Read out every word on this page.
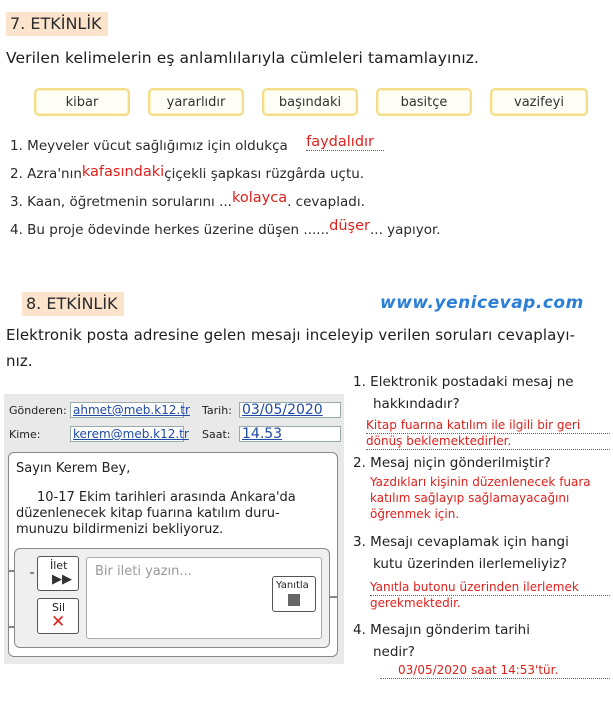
7. ETKİNLİK
Verilen kelimelerin eş anlamlılarıyla cümleleri tamamlayınız.
kibar	yararlıdır	başındaki	basitçe	vazifeyi
1. Meyveler vücut sağlığımız için oldukça faydalıdır
2. Azra'nınkafasındakiçiçekli şapkası rüzgârda uçtu.
3. Kaan, öğretmenin sorularını ...kolayca. cevapladı.
4. Bu proje ödevinde herkes üzerine düşen ......düşer... yapıyor.
8. ETKİNLİK	www.yenicevap.com
Elektronik posta adresine gelen mesajı inceleyip verilen soruları cevaplayı-
nız.
Gönderen: ahmet@meb.k12.tr
Kime:	kerem@meb.k12.tr
Tarih: 03/05/2020
Saat: 14.53
Sayın Kerem Bey,
10-17 Ekim tarihleri arasında Ankara'da
düzenlenecek kitap fuarına katılım duru-
munuzu bildirmenizi bekliyoruz.
İlet
▶▶
Sil
✕
Bir ileti yazın...
Yanıtla
1. Elektronik postadaki mesaj ne
hakkındadır?
Kitap fuarına katılım ile ilgili bir geri
dönüş beklemektedirler.
2. Mesaj niçin gönderilmiştir?
Yazdıkları kişinin düzenlenecek fuara
katılım sağlayıp sağlamayacağını
öğrenmek için.
3. Mesajı cevaplamak için hangi
kutu üzerinden ilerlemeliyiz?
Yanıtla butonu üzerinden ilerlemek
gerekmektedir.
4. Mesajın gönderim tarihi
nedir?
03/05/2020 saat 14:53'tür.
